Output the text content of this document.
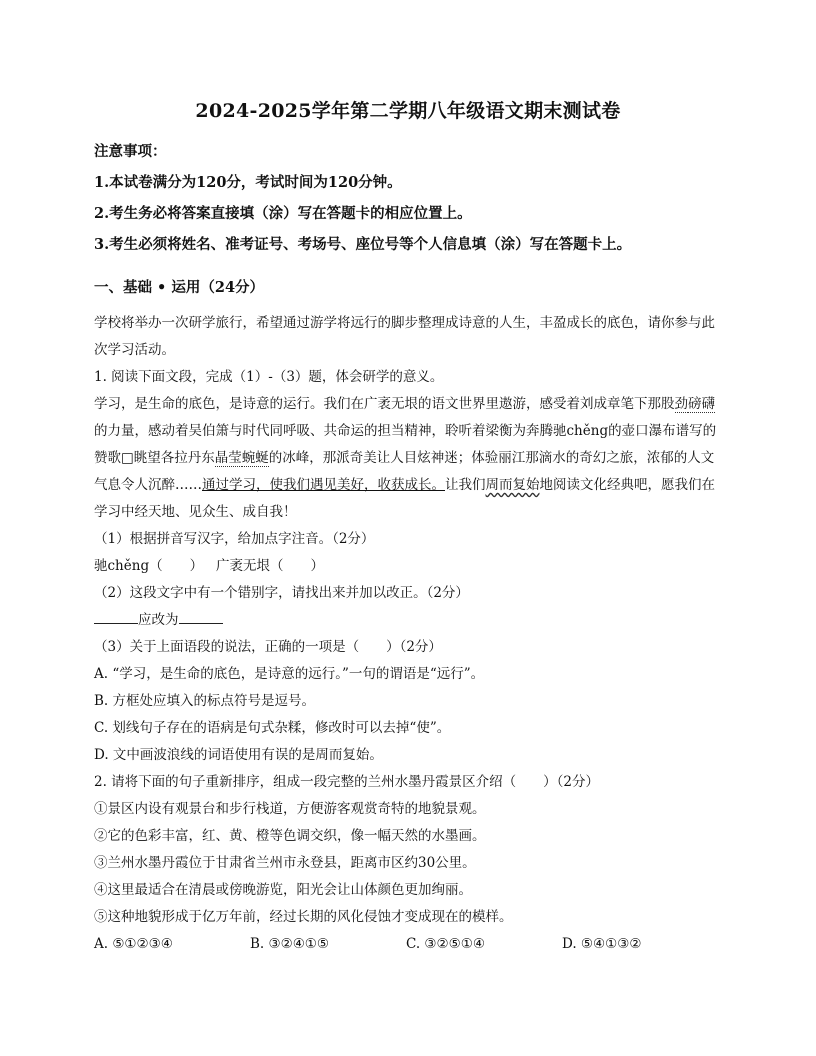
2024-2025学年第二学期八年级语文期末测试卷
注意事项：
1.本试卷满分为120分，考试时间为120分钟。
2.考生务必将答案直接填（涂）写在答题卡的相应位置上。
3.考生必须将姓名、准考证号、考场号、座位号等个人信息填（涂）写在答题卡上。
一、基础 • 运用（24分）
学校将举办一次研学旅行，希望通过游学将远行的脚步整理成诗意的人生，丰盈成长的底色，请你参与此次学习活动。
1. 阅读下面文段，完成（1）-（3）题，体会研学的意义。
学习，是生命的底色，是诗意的运行。我们在广袤无垠的语文世界里遨游，感受着刘成章笔下那股劲磅礴的力量，感动着吴伯箫与时代同呼吸、共命运的担当精神，聆听着梁衡为奔腾驰chěng的壶口瀑布谱写的赞歌□眺望各拉丹东晶莹蜿蜒的冰峰，那派奇美让人目炫神迷；体验丽江那滴水的奇幻之旅，浓郁的人文气息令人沉醉……通过学习，使我们遇见美好，收获成长。让我们周而复始地阅读文化经典吧，愿我们在学习中经天地、见众生、成自我！
（1）根据拼音写汉字，给加点字注音。（2分）
驰chěng（　　） 广袤无垠（　　）
（2）这段文字中有一个错别字，请找出来并加以改正。（2分）
应改为
（3）关于上面语段的说法，正确的一项是（　　）（2分）
A. “学习，是生命的底色，是诗意的远行。”一句的谓语是“远行”。
B. 方框处应填入的标点符号是逗号。
C. 划线句子存在的语病是句式杂糅，修改时可以去掉“使”。
D. 文中画波浪线的词语使用有误的是周而复始。
2. 请将下面的句子重新排序，组成一段完整的兰州水墨丹霞景区介绍（　　）（2分）
①景区内设有观景台和步行栈道，方便游客观赏奇特的地貌景观。
②它的色彩丰富，红、黄、橙等色调交织，像一幅天然的水墨画。
③兰州水墨丹霞位于甘肃省兰州市永登县，距离市区约30公里。
④这里最适合在清晨或傍晚游览，阳光会让山体颜色更加绚丽。
⑤这种地貌形成于亿万年前，经过长期的风化侵蚀才变成现在的模样。
A. ⑤①②③④	B. ③②④①⑤	C. ③②⑤①④	D. ⑤④①③②
